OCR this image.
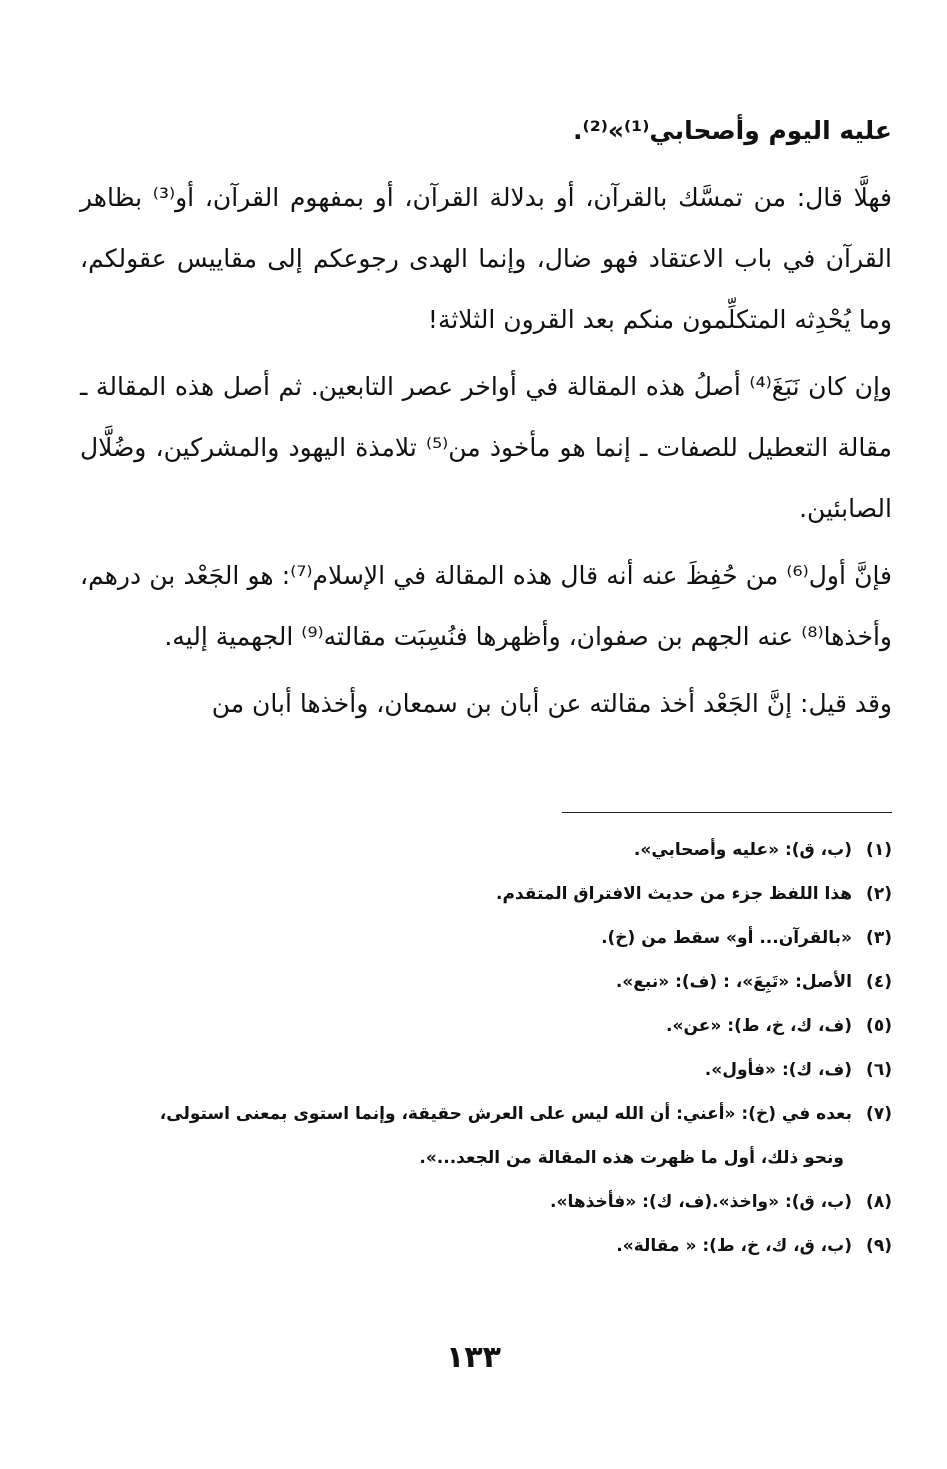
عليه اليوم وأصحابي⁽¹⁾»⁽²⁾.

فهلَّا قال: من تمسَّك بالقرآن، أو بدلالة القرآن، أو بمفهوم القرآن، أو⁽³⁾ بظاهر القرآن في باب الاعتقاد فهو ضال، وإنما الهدى رجوعكم إلى مقاييس عقولكم، وما يُحْدِثه المتكلِّمون منكم بعد القرون الثلاثة!

وإن كان نَبَغَ⁽⁴⁾ أصلُ هذه المقالة في أواخر عصر التابعين. ثم أصل هذه المقالة ـ مقالة التعطيل للصفات ـ إنما هو مأخوذ من⁽⁵⁾ تلامذة اليهود والمشركين، وضُلَّال الصابئين.

فإنَّ أول⁽⁶⁾ من حُفِظَ عنه أنه قال هذه المقالة في الإسلام⁽⁷⁾: هو الجَعْد بن درهم، وأخذها⁽⁸⁾ عنه الجهم بن صفوان، وأظهرها فنُسِبَت مقالته⁽⁹⁾ الجهمية إليه.

وقد قيل: إنَّ الجَعْد أخذ مقالته عن أبان بن سمعان، وأخذها أبان من

(١)(ب، ق): «عليه وأصحابي».

(٢)هذا اللفظ جزء من حديث الافتراق المتقدم.

(٣)«بالقرآن... أو» سقط من (خ).

(٤)الأصل: «تَبِعَ»، : (ف): «نبع».

(٥)(ف، ك، خ، ط): «عن».

(٦)(ف، ك): «فأول».

(٧)بعده في (خ): «أعني: أن الله ليس على العرش حقيقة، وإنما استوى بمعنى استولى،

ونحو ذلك، أول ما ظهرت هذه المقالة من الجعد...».

(٨)(ب، ق): «واخذ».(ف، ك): «فأخذها».

(٩)(ب، ق، ك، خ، ط): « مقالة».

١٣٣
